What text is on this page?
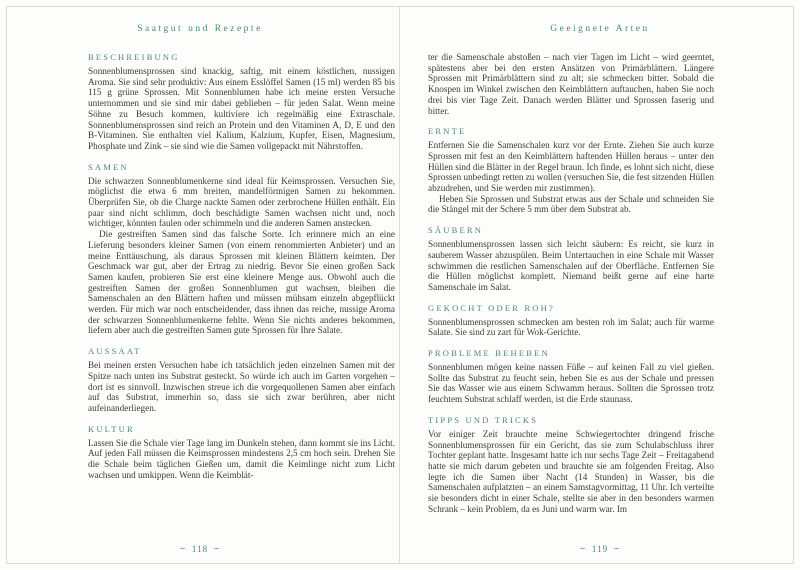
Saatgut und Rezepte
BESCHREIBUNG

Sonnenblumensprossen sind knackig, saftig, mit einem köstlichen, nussigen Aroma. Sie sind sehr produktiv: Aus einem Esslöffel Samen (15 ml) werden 85 bis 115 g grüne Sprossen. Mit Sonnenblumen habe ich meine ersten Versuche unternommen und sie sind mir dabei geblieben – für jeden Salat. Wenn meine Söhne zu Besuch kommen, kultiviere ich regelmäßig eine Extraschale. Sonnenblumensprossen sind reich an Protein und den Vitaminen A, D, E und den B-Vitaminen. Sie enthalten viel Kalium, Kalzium, Kupfer, Eisen, Magnesium, Phosphate und Zink – sie sind wie die Samen vollgepackt mit Nährstoffen.

SAMEN

Die schwarzen Sonnenblumenkerne sind ideal für Keimsprossen. Versuchen Sie, möglichst die etwa 6 mm breiten, mandelförmigen Samen zu bekommen. Überprüfen Sie, ob die Charge nackte Samen oder zerbrochene Hüllen enthält. Ein paar sind nicht schlimm, doch beschädigte Samen wachsen nicht und, noch wichtiger, könnten faulen oder schimmeln und die anderen Samen anstecken.

Die gestreiften Samen sind das falsche Sorte. Ich erinnere mich an eine Lieferung besonders kleiner Samen (von einem renommierten Anbieter) und an meine Enttäuschung, als daraus Sprossen mit kleinen Blättern keimten. Der Geschmack war gut, aber der Ertrag zu niedrig. Bevor Sie einen großen Sack Samen kaufen, probieren Sie erst eine kleinere Menge aus. Obwohl auch die gestreiften Samen der großen Sonnenblumen gut wachsen, bleiben die Samenschalen an den Blättern haften und müssen mühsam einzeln abgepflückt werden. Für mich war noch entscheidender, dass ihnen das reiche, nussige Aroma der schwarzen Sonnenblumenkerne fehlte. Wenn Sie nichts anderes bekommen, liefern aber auch die gestreiften Samen gute Sprossen für Ihre Salate.

AUSSAAT

Bei meinen ersten Versuchen habe ich tatsächlich jeden einzelnen Samen mit der Spitze nach unten ins Substrat gesteckt. So würde ich auch im Garten vorgehen – dort ist es sinnvoll. Inzwischen streue ich die vorgequollenen Samen aber einfach auf das Substrat, immerhin so, dass sie sich zwar berühren, aber nicht aufeinanderliegen.

KULTUR

Lassen Sie die Schale vier Tage lang im Dunkeln stehen, dann kommt sie ins Licht. Auf jeden Fall müssen die Keimsprossen mindestens 2,5 cm hoch sein. Drehen Sie die Schale beim täglichen Gießen um, damit die Keimlinge nicht zum Licht wachsen und umkippen. Wenn die Keimblät-

∼ 118 ∼
Geeignete Arten

ter die Samenschale abstoßen – nach vier Tagen im Licht – wird geerntet, spätestens aber bei den ersten Ansätzen von Primärblättern. Längere Sprossen mit Primärblättern sind zu alt; sie schmecken bitter. Sobald die Knospen im Winkel zwischen den Keimblättern auftauchen, haben Sie noch drei bis vier Tage Zeit. Danach werden Blätter und Sprossen faserig und bitter.

ERNTE

Entfernen Sie die Samenschalen kurz vor der Ernte. Ziehen Sie auch kurze Sprossen mit fest an den Keimblättern haftenden Hüllen heraus – unter den Hüllen sind die Blätter in der Regel braun. Ich finde, es lohnt sich nicht, diese Sprossen unbedingt retten zu wollen (versuchen Sie, die fest sitzenden Hüllen abzudrehen, und Sie werden mir zustimmen).

Heben Sie Sprossen und Substrat etwas aus der Schale und schneiden Sie die Stängel mit der Schere 5 mm über dem Substrat ab.

SÄUBERN

Sonnenblumensprossen lassen sich leicht säubern: Es reicht, sie kurz in sauberem Wasser abzuspülen. Beim Untertauchen in eine Schale mit Wasser schwimmen die restlichen Samenschalen auf der Oberfläche. Entfernen Sie die Hüllen möglichst komplett. Niemand beißt gerne auf eine harte Samenschale im Salat.

GEKOCHT ODER ROH?

Sonnenblumensprossen schmecken am besten roh im Salat; auch für warme Salate. Sie sind zu zart für Wok-Gerichte.

PROBLEME BEHEBEN

Sonnenblumen mögen keine nassen Füße – auf keinen Fall zu viel gießen. Sollte das Substrat zu feucht sein, heben Sie es aus der Schale und pressen Sie das Wasser wie aus einem Schwamm heraus. Sollten die Sprossen trotz feuchtem Substrat schlaff werden, ist die Erde staunass.

TIPPS UND TRICKS

Vor einiger Zeit brauchte meine Schwiegertochter dringend frische Sonnenblumensprossen für ein Gericht, das sie zum Schulabschluss ihrer Tochter geplant hatte. Insgesamt hatte ich nur sechs Tage Zeit – Freitagabend hatte sie mich darum gebeten und brauchte sie am folgenden Freitag. Also legte ich die Samen über Nacht (14 Stunden) in Wasser, bis die Samenschalen aufplatzten – an einem Samstagvormittag, 11 Uhr. Ich verteilte sie besonders dicht in einer Schale, stellte sie aber in den besonders warmen Schrank – kein Problem, da es Juni und warm war. Im

∼ 119 ∼
